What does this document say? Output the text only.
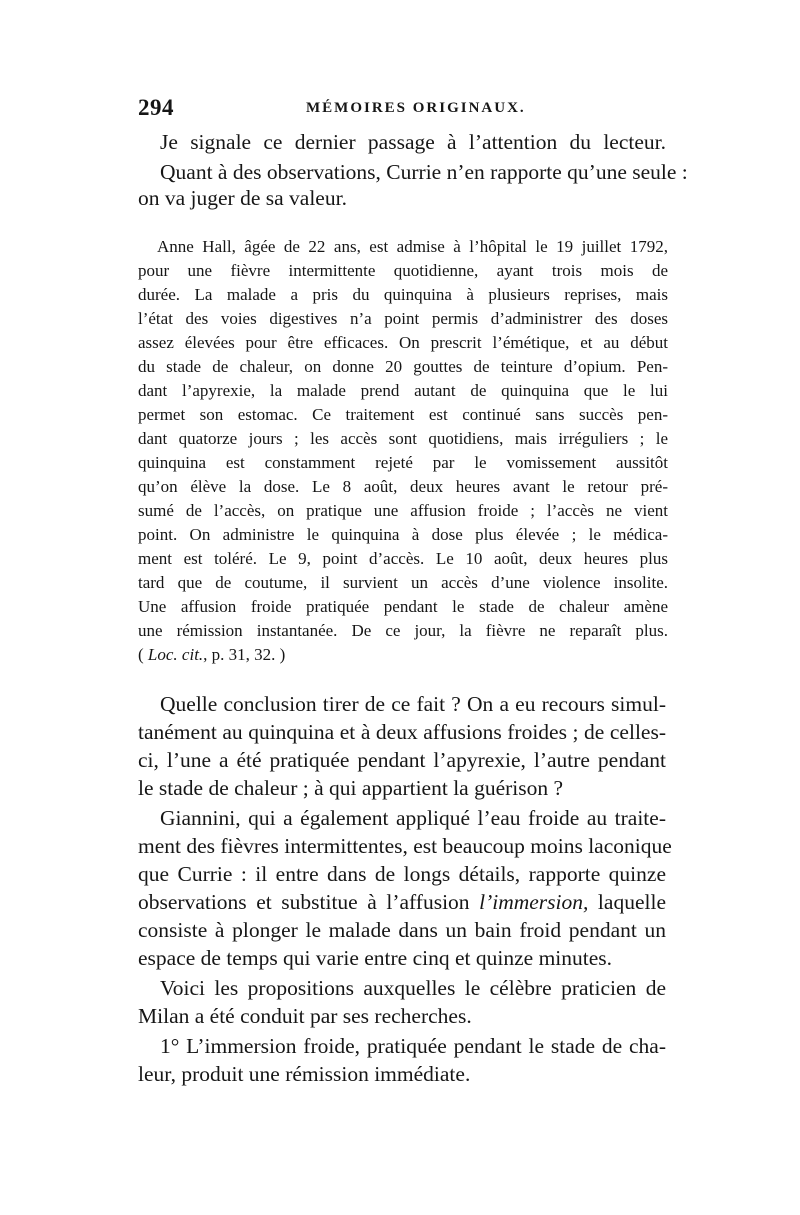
294	MÉMOIRES ORIGINAUX.

Je signale ce dernier passage à l’attention du lecteur.

Quant à des observations, Currie n’en rapporte qu’une seule :

on va juger de sa valeur.

Anne Hall, âgée de 22 ans, est admise à l’hôpital le 19 juillet 1792,

pour une fièvre intermittente quotidienne, ayant trois mois de

durée. La malade a pris du quinquina à plusieurs reprises, mais

l’état des voies digestives n’a point permis d’administrer des doses

assez élevées pour être efficaces. On prescrit l’émétique, et au début

du stade de chaleur, on donne 20 gouttes de teinture d’opium. Pen-

dant l’apyrexie, la malade prend autant de quinquina que le lui

permet son estomac. Ce traitement est continué sans succès pen-

dant quatorze jours ; les accès sont quotidiens, mais irréguliers ; le

quinquina est constamment rejeté par le vomissement aussitôt

qu’on élève la dose. Le 8 août, deux heures avant le retour pré-

sumé de l’accès, on pratique une affusion froide ; l’accès ne vient

point. On administre le quinquina à dose plus élevée ; le médica-

ment est toléré. Le 9, point d’accès. Le 10 août, deux heures plus

tard que de coutume, il survient un accès d’une violence insolite.

Une affusion froide pratiquée pendant le stade de chaleur amène

une rémission instantanée. De ce jour, la fièvre ne reparaît plus.

( Loc. cit., p. 31, 32. )

Quelle conclusion tirer de ce fait ? On a eu recours simul-

tanément au quinquina et à deux affusions froides ; de celles-

ci, l’une a été pratiquée pendant l’apyrexie, l’autre pendant

le stade de chaleur ; à qui appartient la guérison ?

Giannini, qui a également appliqué l’eau froide au traite-

ment des fièvres intermittentes, est beaucoup moins laconique

que Currie : il entre dans de longs détails, rapporte quinze

observations et substitue à l’affusion l’immersion, laquelle

consiste à plonger le malade dans un bain froid pendant un

espace de temps qui varie entre cinq et quinze minutes.

Voici les propositions auxquelles le célèbre praticien de

Milan a été conduit par ses recherches.

1° L’immersion froide, pratiquée pendant le stade de cha-

leur, produit une rémission immédiate.
